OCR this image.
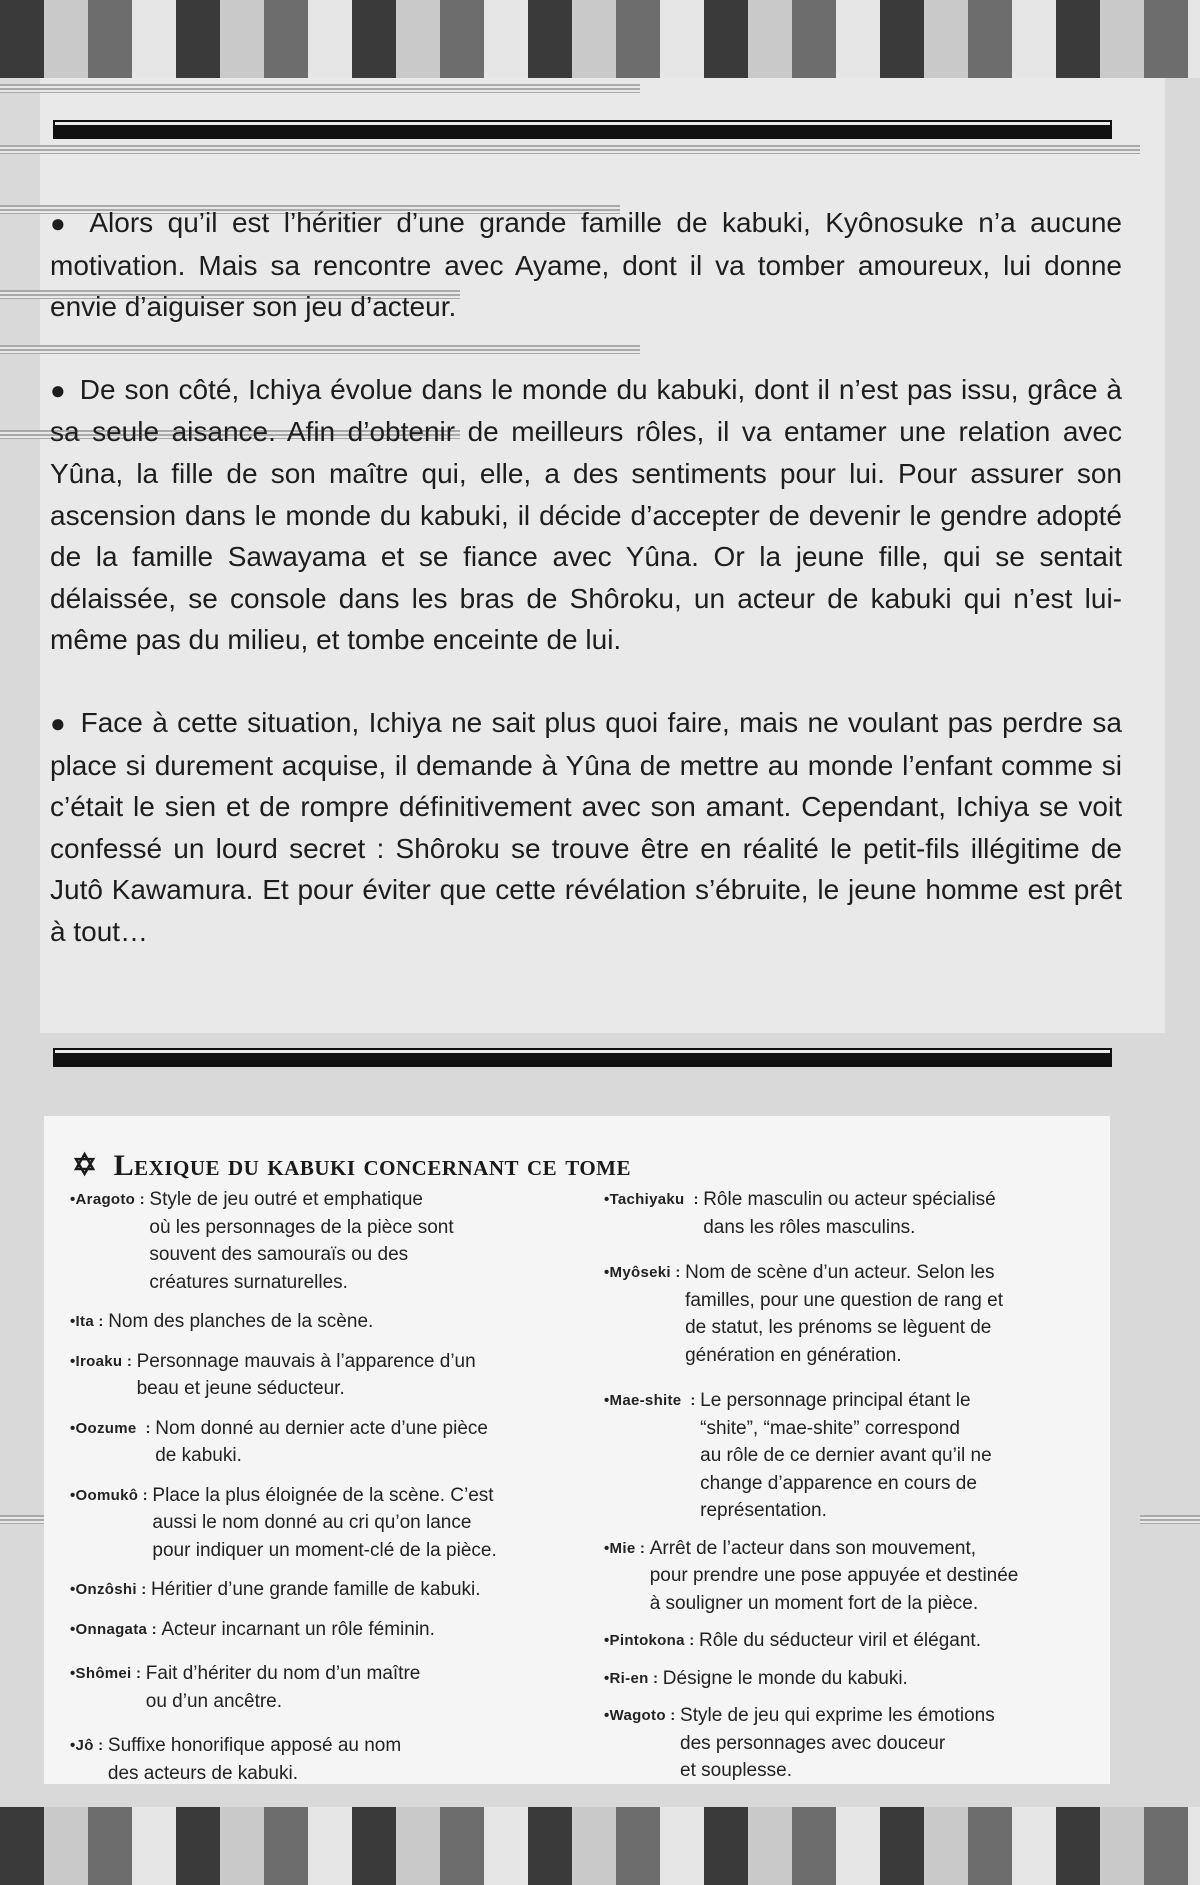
● Alors qu’il est l’héritier d’une grande famille de kabuki, Kyônosuke n’a aucune motivation. Mais sa rencontre avec Ayame, dont il va tomber amoureux, lui donne envie d’aiguiser son jeu d’acteur.

● De son côté, Ichiya évolue dans le monde du kabuki, dont il n’est pas issu, grâce à sa seule aisance. Afin d’obtenir de meilleurs rôles, il va entamer une relation avec Yûna, la fille de son maître qui, elle, a des sentiments pour lui. Pour assurer son ascension dans le monde du kabuki, il décide d’accepter de devenir le gendre adopté de la famille Sawayama et se fiance avec Yûna. Or la jeune fille, qui se sentait délaissée, se console dans les bras de Shôroku, un acteur de kabuki qui n’est lui-même pas du milieu, et tombe enceinte de lui.

● Face à cette situation, Ichiya ne sait plus quoi faire, mais ne voulant pas perdre sa place si durement acquise, il demande à Yûna de mettre au monde l’enfant comme si c’était le sien et de rompre définitivement avec son amant. Cependant, Ichiya se voit confessé un lourd secret : Shôroku se trouve être en réalité le petit-fils illégitime de Jutô Kawamura. Et pour éviter que cette révélation s’ébruite, le jeune homme est prêt à tout…

✡ Lexique du kabuki concernant ce tome
•Aragoto : Style de jeu outré et emphatique
où les personnages de la pièce sont
souvent des samouraïs ou des
créatures surnaturelles.
•Ita : Nom des planches de la scène.
•Iroaku : Personnage mauvais à l’apparence d’un
beau et jeune séducteur.
•Oozume  : Nom donné au dernier acte d’une pièce
de kabuki.
•Oomukô : Place la plus éloignée de la scène. C’est
aussi le nom donné au cri qu’on lance
pour indiquer un moment-clé de la pièce.
•Onzôshi : Héritier d’une grande famille de kabuki.
•Onnagata : Acteur incarnant un rôle féminin.
•Shômei : Fait d’hériter du nom d’un maître
ou d’un ancêtre.
•Jô : Suffixe honorifique apposé au nom
des acteurs de kabuki.
•Tachiyaku  : Rôle masculin ou acteur spécialisé
dans les rôles masculins.
•Myôseki : Nom de scène d’un acteur. Selon les
familles, pour une question de rang et
de statut, les prénoms se lèguent de
génération en génération.
•Mae-shite  : Le personnage principal étant le
“shite”, “mae-shite” correspond
au rôle de ce dernier avant qu’il ne
change d’apparence en cours de
représentation.
•Mie : Arrêt de l’acteur dans son mouvement,
pour prendre une pose appuyée et destinée
à souligner un moment fort de la pièce.
•Pintokona : Rôle du séducteur viril et élégant.
•Ri-en : Désigne le monde du kabuki.
•Wagoto : Style de jeu qui exprime les émotions
des personnages avec douceur
et souplesse.
